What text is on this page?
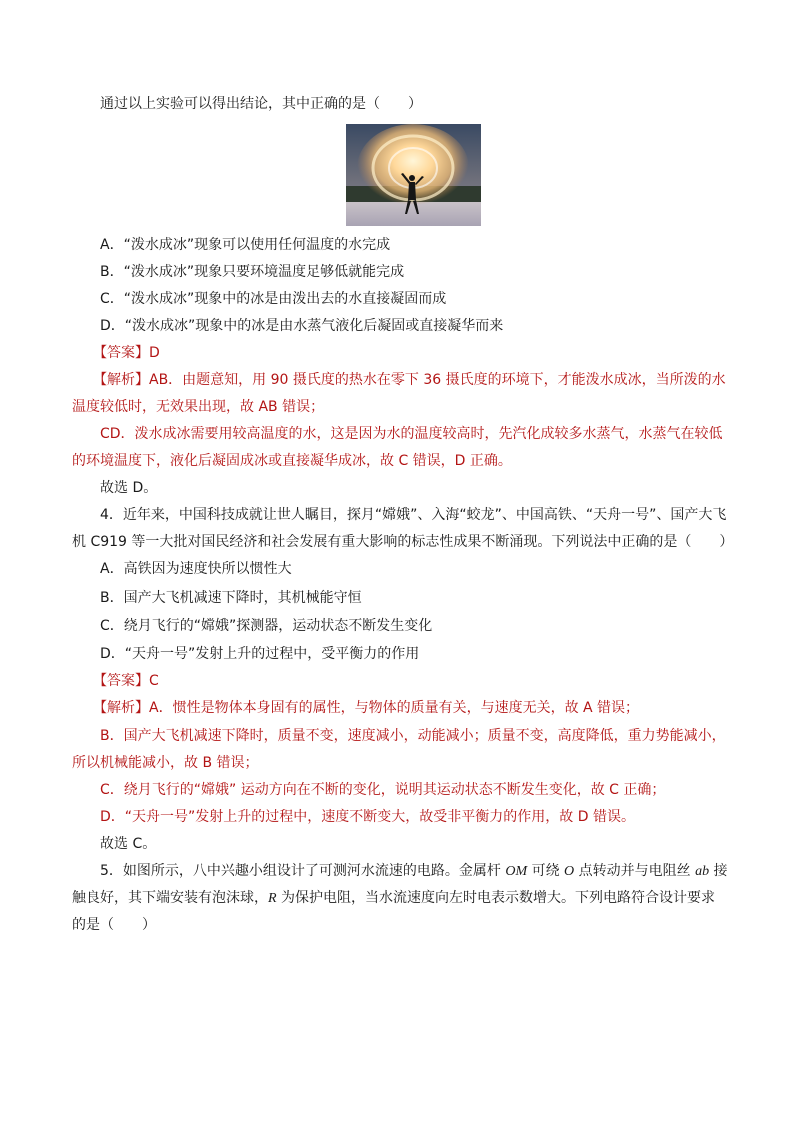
通过以上实验可以得出结论，其中正确的是（　　）
A．“泼水成冰”现象可以使用任何温度的水完成
B．“泼水成冰”现象只要环境温度足够低就能完成
C．“泼水成冰”现象中的冰是由泼出去的水直接凝固而成
D．“泼水成冰”现象中的冰是由水蒸气液化后凝固或直接凝华而来
【答案】D
【解析】AB．由题意知，用 90 摄氏度的热水在零下 36 摄氏度的环境下，才能泼水成冰，当所泼的水
温度较低时，无效果出现，故 AB 错误；
CD．泼水成冰需要用较高温度的水，这是因为水的温度较高时，先汽化成较多水蒸气，水蒸气在较低
的环境温度下，液化后凝固成冰或直接凝华成冰，故 C 错误，D 正确。
故选 D。
4．近年来，中国科技成就让世人瞩目，探月“嫦娥”、入海“蛟龙”、中国高铁、“天舟一号”、国产大飞
机 C919 等一大批对国民经济和社会发展有重大影响的标志性成果不断涌现。下列说法中正确的是（　　）
A．高铁因为速度快所以惯性大
B．国产大飞机减速下降时，其机械能守恒
C．绕月飞行的“嫦娥”探测器，运动状态不断发生变化
D．“天舟一号”发射上升的过程中，受平衡力的作用
【答案】C
【解析】A．惯性是物体本身固有的属性，与物体的质量有关，与速度无关，故 A 错误；
B．国产大飞机减速下降时，质量不变，速度减小，动能减小；质量不变，高度降低，重力势能减小，
所以机械能减小，故 B 错误；
C．绕月飞行的“嫦娥” 运动方向在不断的变化，说明其运动状态不断发生变化，故 C 正确；
D．“天舟一号”发射上升的过程中，速度不断变大，故受非平衡力的作用，故 D 错误。
故选 C。
5．如图所示，八中兴趣小组设计了可测河水流速的电路。金属杆 OM 可绕 O 点转动并与电阻丝 ab 接
触良好，其下端安装有泡沫球，R 为保护电阻，当水流速度向左时电表示数增大。下列电路符合设计要求
的是（　　）
